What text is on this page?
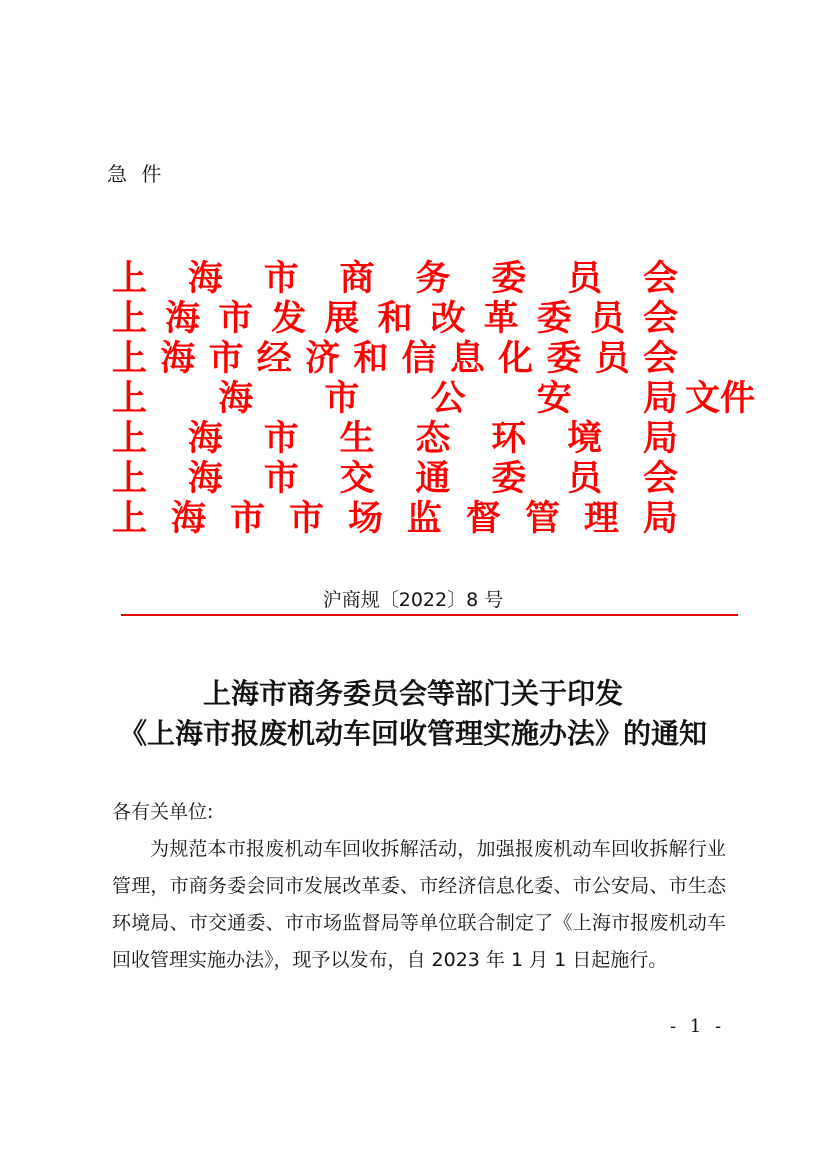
急 件
上 海 市 商 务 委 员 会
上 海 市 发 展 和 改 革 委 员 会
上 海 市 经 济 和 信 息 化 委 员 会
上 海 市 公 安 局 文件
上 海 市 生 态 环 境 局
上 海 市 交 通 委 员 会
上 海 市 市 场 监 督 管 理 局
沪商规〔2022〕8 号
上海市商务委员会等部门关于印发
《上海市报废机动车回收管理实施办法》的通知

各有关单位:

为规范本市报废机动车回收拆解活动，加强报废机动车回收拆解行业管理，市商务委会同市发展改革委、市经济信息化委、市公安局、市生态环境局、市交通委、市市场监督局等单位联合制定了《上海市报废机动车回收管理实施办法》，现予以发布，自 2023 年 1 月 1 日起施行。

- 1 -
